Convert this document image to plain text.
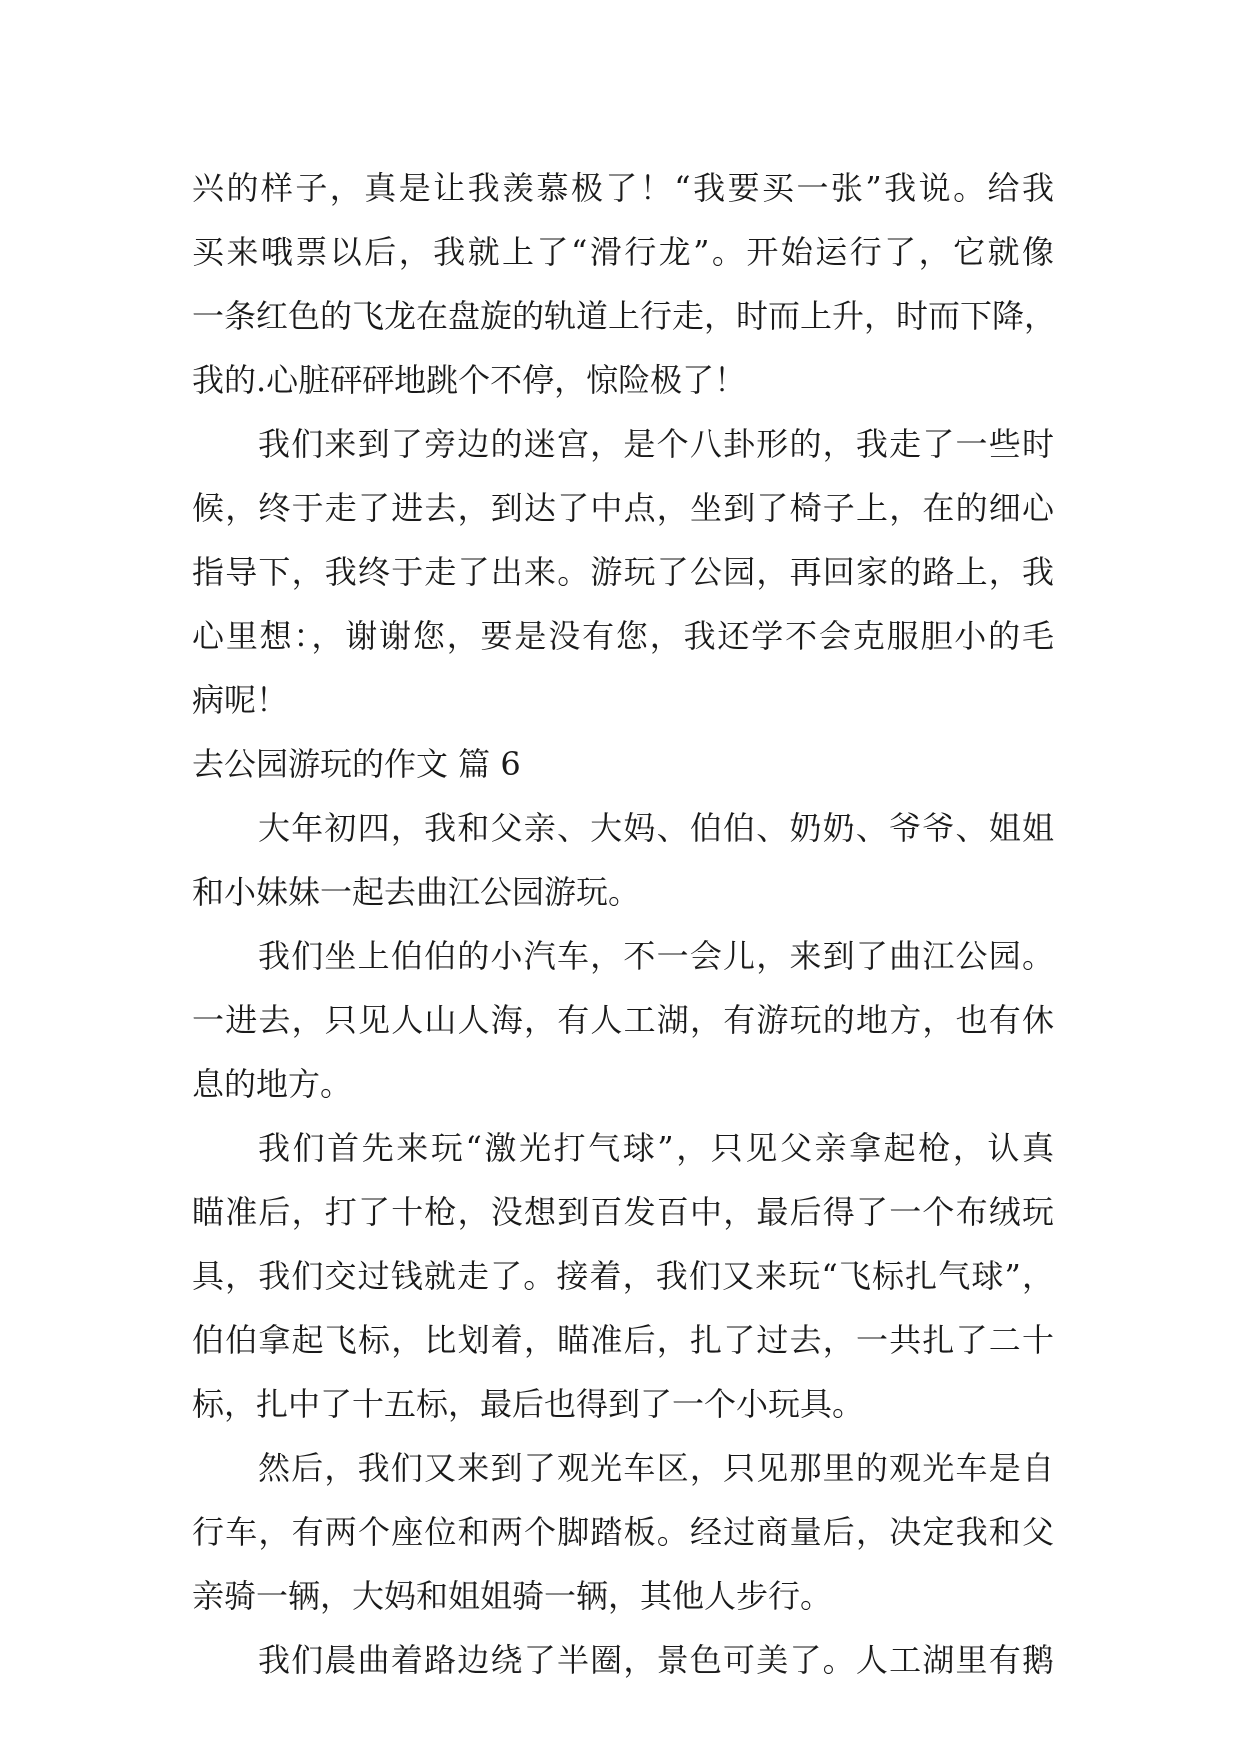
兴的样子，真是让我羡慕极了！“我要买一张”我说。给我
买来哦票以后，我就上了“滑行龙”。开始运行了，它就像
一条红色的飞龙在盘旋的轨道上行走，时而上升，时而下降，
我的.心脏砰砰地跳个不停，惊险极了！
我们来到了旁边的迷宫，是个八卦形的，我走了一些时
候，终于走了进去，到达了中点，坐到了椅子上，在的细心
指导下，我终于走了出来。游玩了公园，再回家的路上，我
心里想：，谢谢您，要是没有您，我还学不会克服胆小的毛
病呢！
去公园游玩的作文 篇 6
大年初四，我和父亲、大妈、伯伯、奶奶、爷爷、姐姐
和小妹妹一起去曲江公园游玩。
我们坐上伯伯的小汽车，不一会儿，来到了曲江公园。
一进去，只见人山人海，有人工湖，有游玩的地方，也有休
息的地方。
我们首先来玩“激光打气球”，只见父亲拿起枪，认真
瞄准后，打了十枪，没想到百发百中，最后得了一个布绒玩
具，我们交过钱就走了。接着，我们又来玩“飞标扎气球”，
伯伯拿起飞标，比划着，瞄准后，扎了过去，一共扎了二十
标，扎中了十五标，最后也得到了一个小玩具。
然后，我们又来到了观光车区，只见那里的观光车是自
行车，有两个座位和两个脚踏板。经过商量后，决定我和父
亲骑一辆，大妈和姐姐骑一辆，其他人步行。
我们晨曲着路边绕了半圈，景色可美了。人工湖里有鹅
